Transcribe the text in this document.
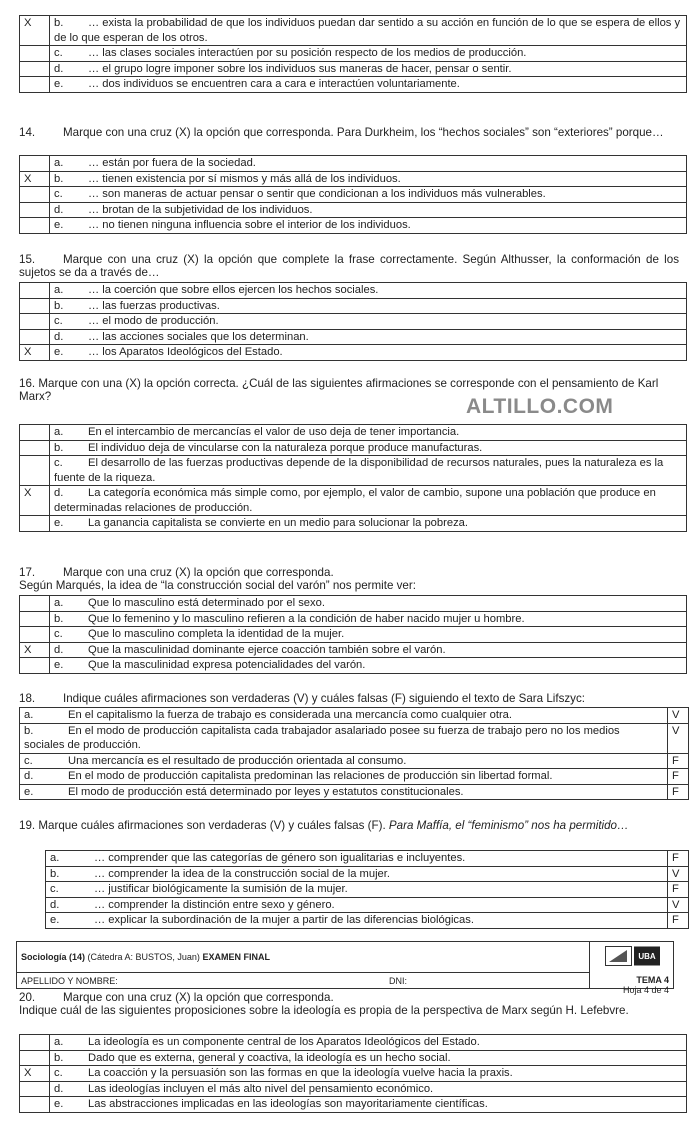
X	b. … exista la probabilidad de que los individuos puedan dar sentido a su acción en función de lo que se espera de ellos y de lo que esperan de los otros.
	c. … las clases sociales interactúen por su posición respecto de los medios de producción.
	d. … el grupo logre imponer sobre los individuos sus maneras de hacer, pensar o sentir.
	e. … dos individuos se encuentren cara a cara e interactúen voluntariamente.
14. Marque con una cruz (X) la opción que corresponda. Para Durkheim, los “hechos sociales” son “exteriores” porque…
	a. … están por fuera de la sociedad.
X	b. … tienen existencia por sí mismos y más allá de los individuos.
	c. … son maneras de actuar pensar o sentir que condicionan a los individuos más vulnerables.
	d. … brotan de la subjetividad de los individuos.
	e. … no tienen ninguna influencia sobre el interior de los individuos.
15. Marque con una cruz (X) la opción que complete la frase correctamente. Según Althusser, la conformación de los sujetos se da a través de…
	a. … la coerción que sobre ellos ejercen los hechos sociales.
	b. … las fuerzas productivas.
	c. … el modo de producción.
	d. … las acciones sociales que los determinan.
X	e. … los Aparatos Ideológicos del Estado.
16. Marque con una (X) la opción correcta. ¿Cuál de las siguientes afirmaciones se corresponde con el pensamiento de Karl Marx?	ALTILLO.COM
	a. En el intercambio de mercancías el valor de uso deja de tener importancia.
	b. El individuo deja de vincularse con la naturaleza porque produce manufacturas.
	c. El desarrollo de las fuerzas productivas depende de la disponibilidad de recursos naturales, pues la naturaleza es la fuente de la riqueza.
X	d. La categoría económica más simple como, por ejemplo, el valor de cambio, supone una población que produce en determinadas relaciones de producción.
	e. La ganancia capitalista se convierte en un medio para solucionar la pobreza.
17. Marque con una cruz (X) la opción que corresponda.
Según Marqués, la idea de “la construcción social del varón” nos permite ver:
	a. Que lo masculino está determinado por el sexo.
	b. Que lo femenino y lo masculino refieren a la condición de haber nacido mujer u hombre.
	c. Que lo masculino completa la identidad de la mujer.
X	d. Que la masculinidad dominante ejerce coacción también sobre el varón.
	e. Que la masculinidad expresa potencialidades del varón.
18. Indique cuáles afirmaciones son verdaderas (V) y cuáles falsas (F) siguiendo el texto de Sara Lifszyc:
a. En el capitalismo la fuerza de trabajo es considerada una mercancía como cualquier otra.	V
b. En el modo de producción capitalista cada trabajador asalariado posee su fuerza de trabajo pero no los medios sociales de producción.	V
c. Una mercancía es el resultado de producción orientada al consumo.	F
d. En el modo de producción capitalista predominan las relaciones de producción sin libertad formal.	F
e. El modo de producción está determinado por leyes y estatutos constitucionales.	F
19. Marque cuáles afirmaciones son verdaderas (V) y cuáles falsas (F). Para Maffía, el “feminismo” nos ha permitido…
a. … comprender que las categorías de género son igualitarias e incluyentes.	F
b. … comprender la idea de la construcción social de la mujer.	V
c. … justificar biológicamente la sumisión de la mujer.	F
d. … comprender la distinción entre sexo y género.	V
e. … explicar la subordinación de la mujer a partir de las diferencias biológicas.	F
Sociología (14) (Cátedra A: BUSTOS, Juan) EXAMEN FINAL
APELLIDO Y NOMBRE:	DNI:
UBA
TEMA 4
Hoja 4 de 4
20. Marque con una cruz (X) la opción que corresponda.
Indique cuál de las siguientes proposiciones sobre la ideología es propia de la perspectiva de Marx según H. Lefebvre.
	a. La ideología es un componente central de los Aparatos Ideológicos del Estado.
	b. Dado que es externa, general y coactiva, la ideología es un hecho social.
X	c. La coacción y la persuasión son las formas en que la ideología vuelve hacia la praxis.
	d. Las ideologías incluyen el más alto nivel del pensamiento económico.
	e. Las abstracciones implicadas en las ideologías son mayoritariamente científicas.
